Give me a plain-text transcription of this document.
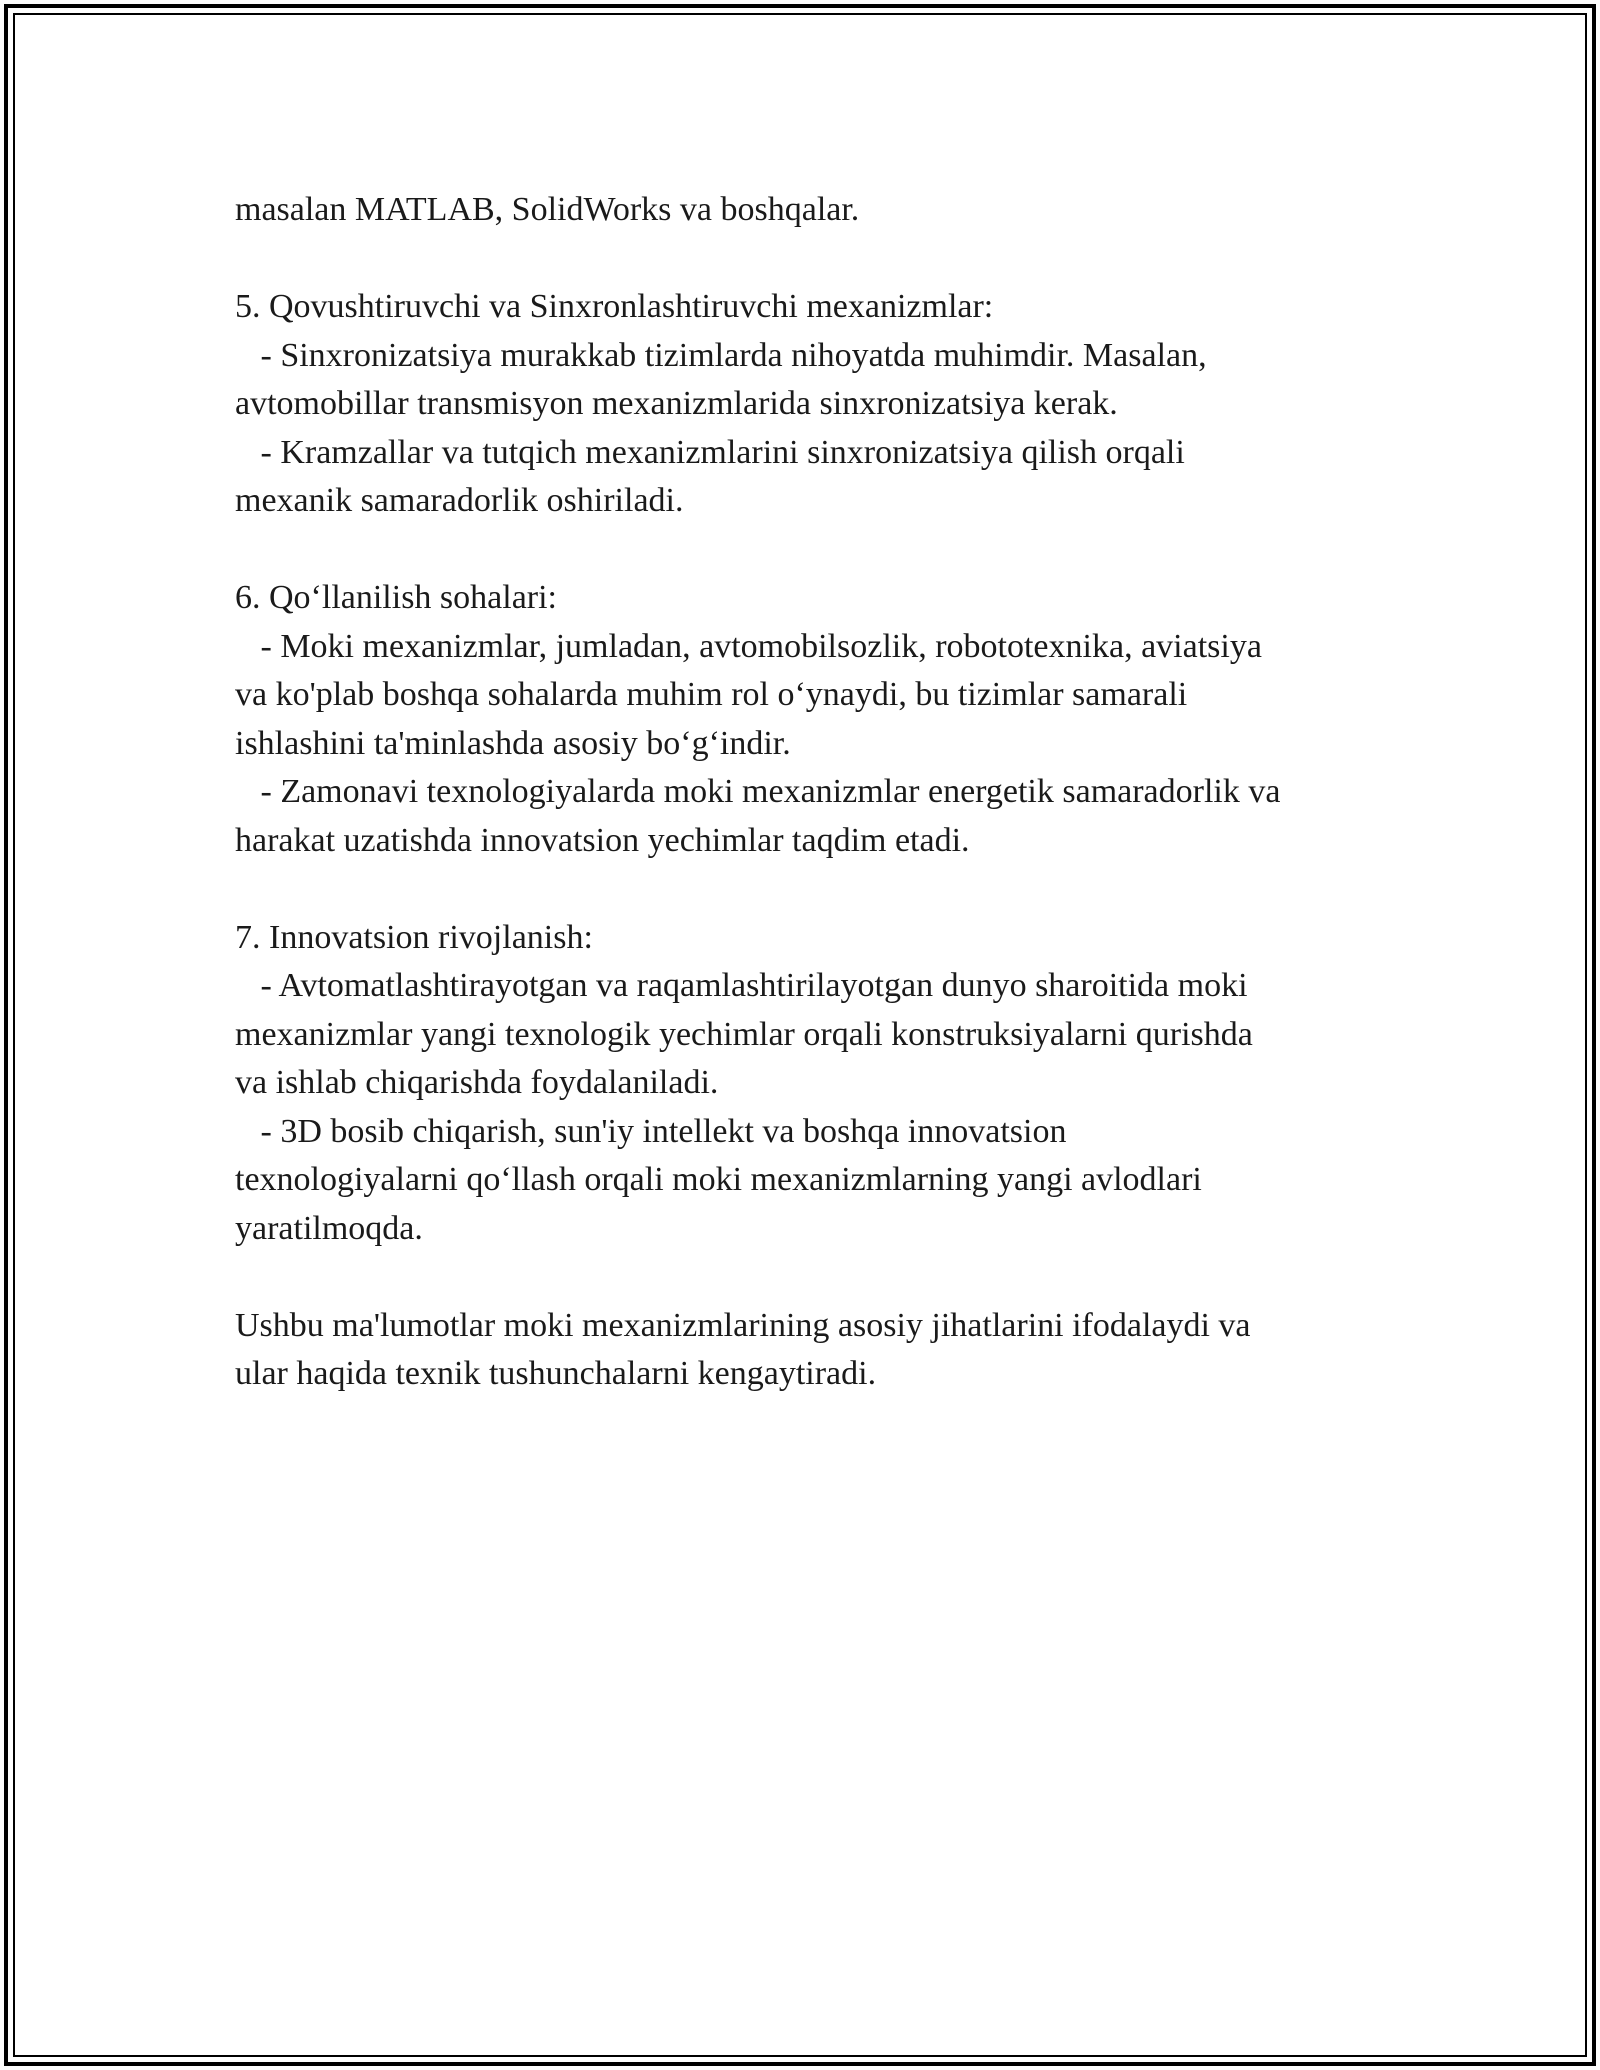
masalan MATLAB, SolidWorks va boshqalar.
5. Qovushtiruvchi va Sinxronlashtiruvchi mexanizmlar:
- Sinxronizatsiya murakkab tizimlarda nihoyatda muhimdir. Masalan,
avtomobillar transmisyon mexanizmlarida sinxronizatsiya kerak.
- Kramzallar va tutqich mexanizmlarini sinxronizatsiya qilish orqali
mexanik samaradorlik oshiriladi.
6. Qo‘llanilish sohalari:
- Moki mexanizmlar, jumladan, avtomobilsozlik, robototexnika, aviatsiya
va ko'plab boshqa sohalarda muhim rol o‘ynaydi, bu tizimlar samarali
ishlashini ta'minlashda asosiy bo‘g‘indir.
- Zamonavi texnologiyalarda moki mexanizmlar energetik samaradorlik va
harakat uzatishda innovatsion yechimlar taqdim etadi.
7. Innovatsion rivojlanish:
- Avtomatlashtirayotgan va raqamlashtirilayotgan dunyo sharoitida moki
mexanizmlar yangi texnologik yechimlar orqali konstruksiyalarni qurishda
va ishlab chiqarishda foydalaniladi.
- 3D bosib chiqarish, sun'iy intellekt va boshqa innovatsion
texnologiyalarni qo‘llash orqali moki mexanizmlarning yangi avlodlari
yaratilmoqda.
Ushbu ma'lumotlar moki mexanizmlarining asosiy jihatlarini ifodalaydi va
ular haqida texnik tushunchalarni kengaytiradi.
